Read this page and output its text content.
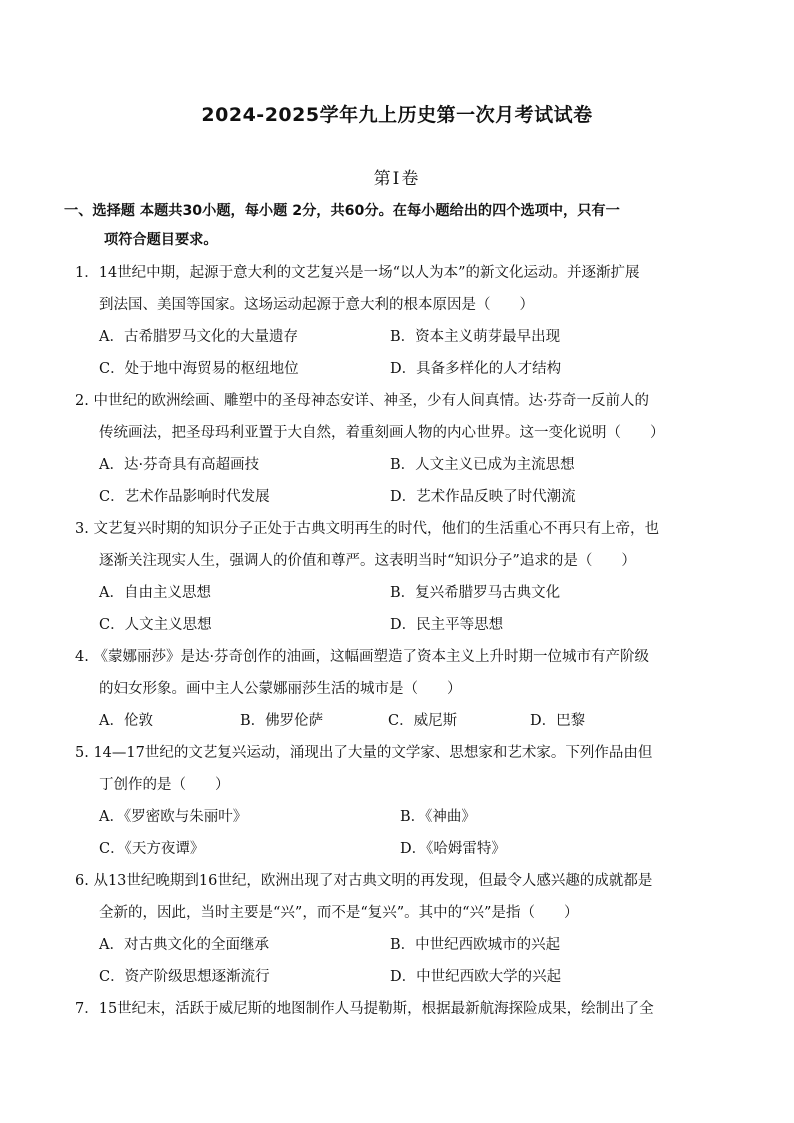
2024-2025学年九上历史第一次月考试试卷
第Ⅰ卷
一、选择题 本题共30小题，每小题 2分，共60分。在每小题给出的四个选项中，只有一
项符合题目要求。
1．14世纪中期，起源于意大利的文艺复兴是一场“以人为本”的新文化运动。并逐渐扩展
到法国、美国等国家。这场运动起源于意大利的根本原因是（　　）
A．古希腊罗马文化的大量遗存	B．资本主义萌芽最早出现
C．处于地中海贸易的枢纽地位	D．具备多样化的人才结构
2. 中世纪的欧洲绘画、雕塑中的圣母神态安详、神圣，少有人间真情。达·芬奇一反前人的
传统画法，把圣母玛利亚置于大自然，着重刻画人物的内心世界。这一变化说明（　　）
A．达·芬奇具有高超画技	B．人文主义已成为主流思想
C．艺术作品影响时代发展	D．艺术作品反映了时代潮流
3. 文艺复兴时期的知识分子正处于古典文明再生的时代，他们的生活重心不再只有上帝，也
逐渐关注现实人生，强调人的价值和尊严。这表明当时“知识分子”追求的是（　　）
A．自由主义思想	B．复兴希腊罗马古典文化
C．人文主义思想	D．民主平等思想
4. 《蒙娜丽莎》是达·芬奇创作的油画，这幅画塑造了资本主义上升时期一位城市有产阶级
的妇女形象。画中主人公蒙娜丽莎生活的城市是（　　）
A．伦敦	B．佛罗伦萨	C．威尼斯	D．巴黎
5. 14—17世纪的文艺复兴运动，涌现出了大量的文学家、思想家和艺术家。下列作品由但
丁创作的是（　　）
A．《罗密欧与朱丽叶》	B．《神曲》
C．《天方夜谭》	D．《哈姆雷特》
6. 从13世纪晚期到16世纪，欧洲出现了对古典文明的再发现，但最令人感兴趣的成就都是
全新的，因此，当时主要是“兴”，而不是“复兴”。其中的“兴”是指（　　）
A．对古典文化的全面继承	B．中世纪西欧城市的兴起
C．资产阶级思想逐渐流行	D．中世纪西欧大学的兴起
7．15世纪末，活跃于威尼斯的地图制作人马提勒斯，根据最新航海探险成果，绘制出了全
